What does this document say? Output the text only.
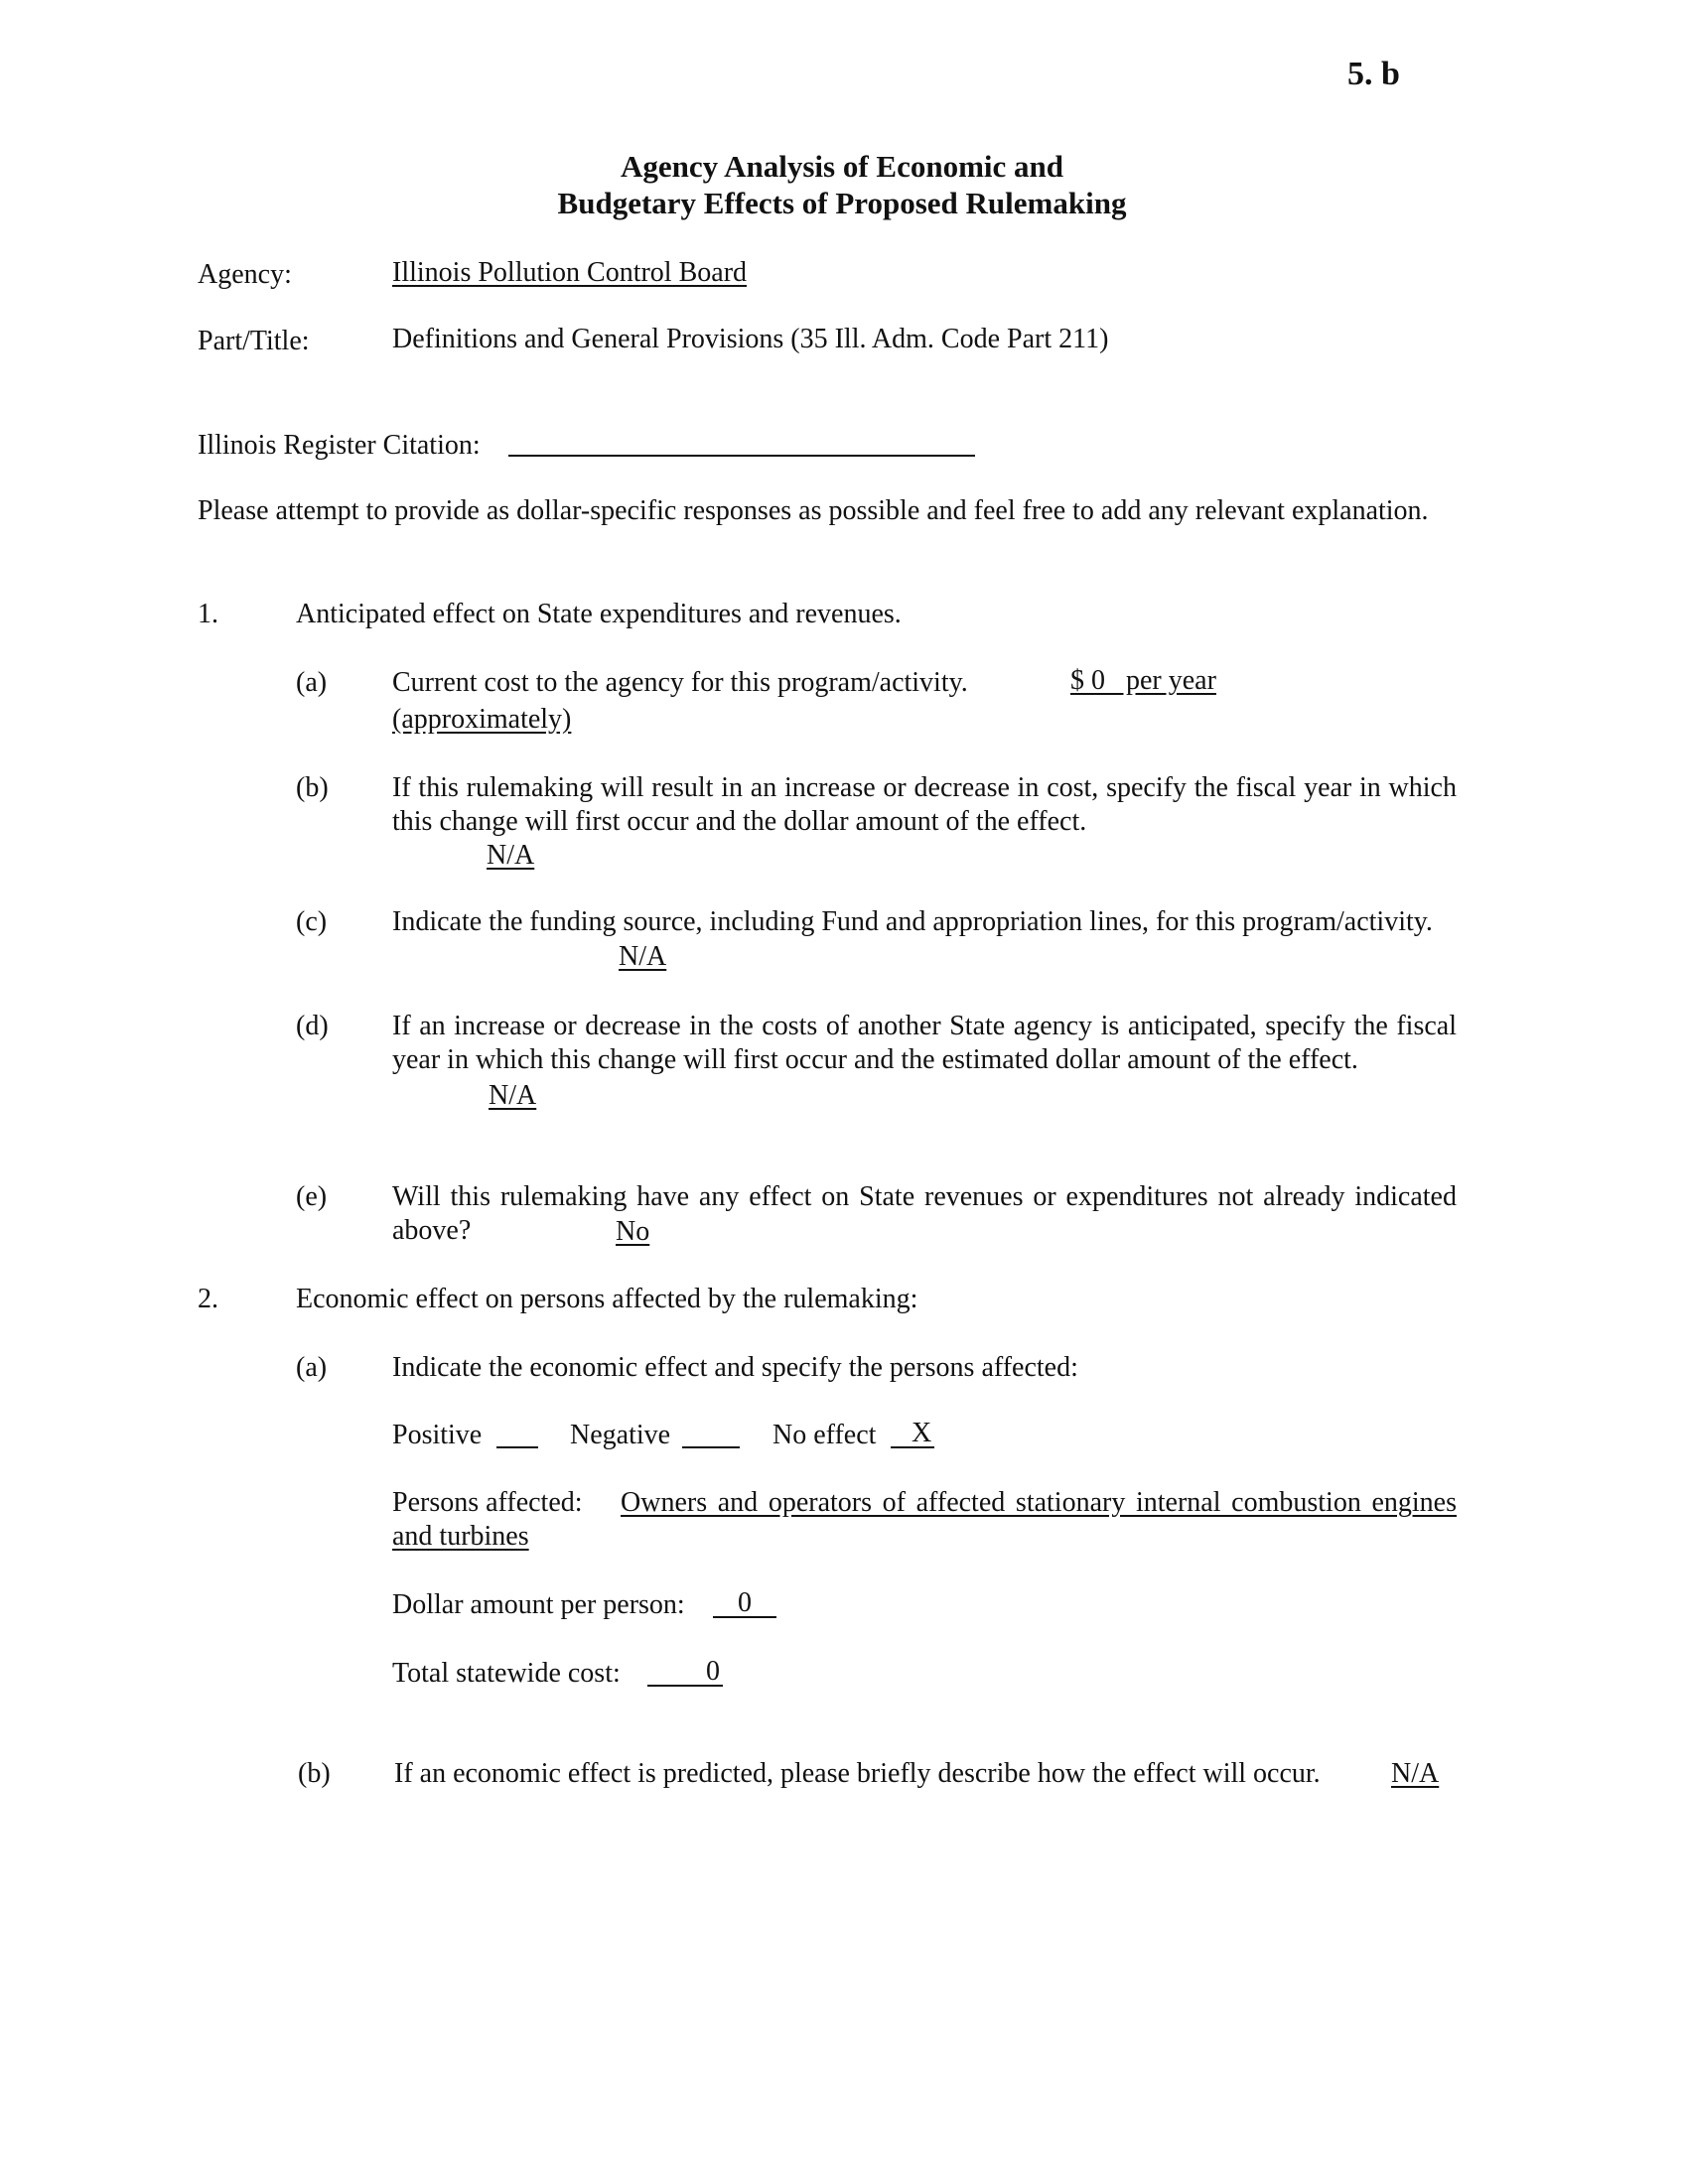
5. b
Agency Analysis of Economic and
Budgetary Effects of Proposed Rulemaking
Agency:	Illinois Pollution Control Board
Part/Title:	Definitions and General Provisions (35 Ill. Adm. Code Part 211)
Illinois Register Citation:
Please attempt to provide as dollar-specific responses as possible and feel free to add any relevant explanation.
1.	Anticipated effect on State expenditures and revenues.
(a) Current cost to the agency for this program/activity.	$ 0   per year
(approximately)
(b) If this rulemaking will result in an increase or decrease in cost, specify the fiscal year in which this change will first occur and the dollar amount of the effect.
N/A
(c) Indicate the funding source, including Fund and appropriation lines, for this program/activity.
N/A
(d) If an increase or decrease in the costs of another State agency is anticipated, specify the fiscal year in which this change will first occur and the estimated dollar amount of the effect.
N/A
(e) Will this rulemaking have any effect on State revenues or expenditures not already indicated above?	No
2.	Economic effect on persons affected by the rulemaking:
(a) Indicate the economic effect and specify the persons affected:
Positive	Negative	No effect X
Persons affected:	Owners and operators of affected stationary internal combustion engines and turbines
Dollar amount per person: 0
Total statewide cost:	0
(b) If an economic effect is predicted, please briefly describe how the effect will occur.	N/A
